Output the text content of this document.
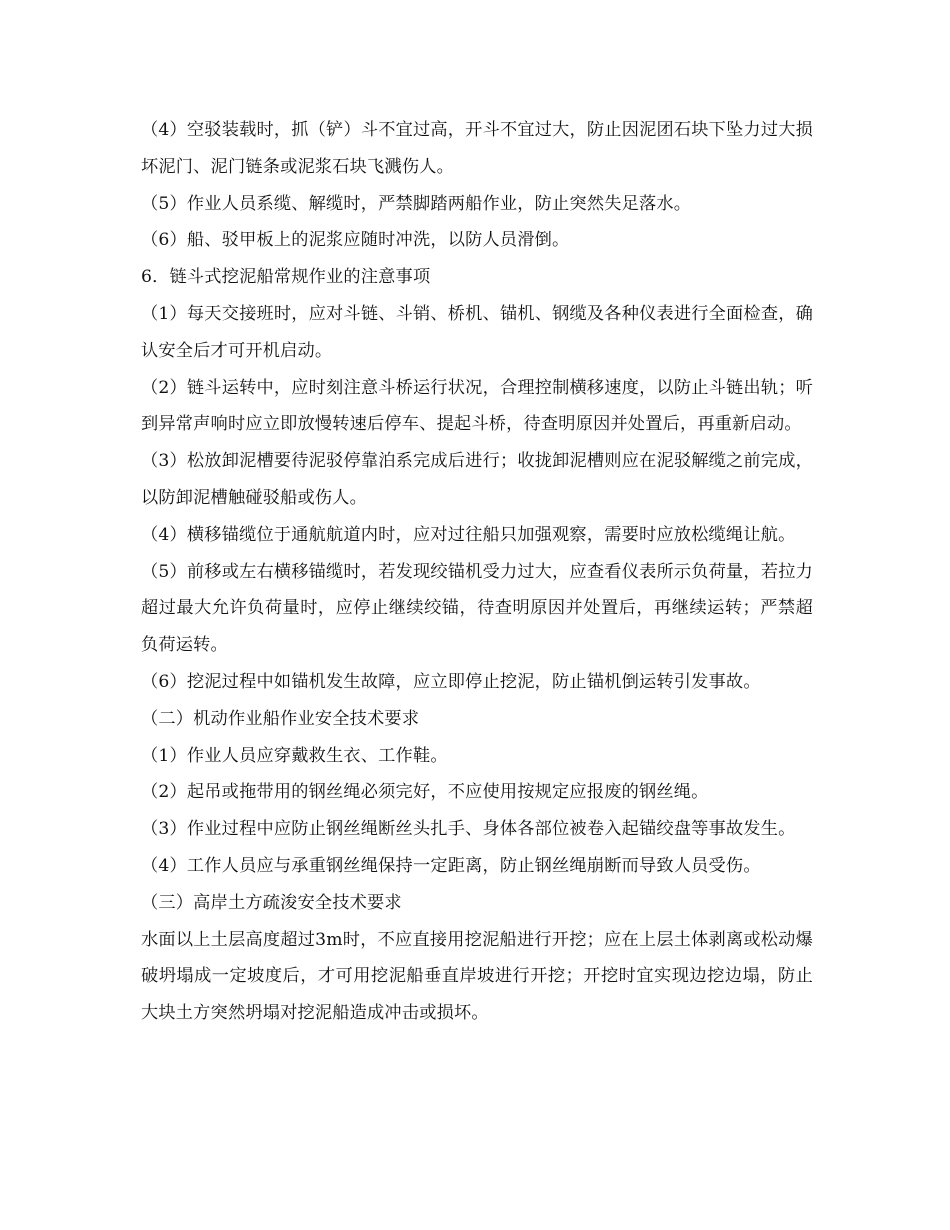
（4）空驳装载时，抓（铲）斗不宜过高，开斗不宜过大，防止因泥团石块下坠力过大损坏泥门、泥门链条或泥浆石块飞溅伤人。

（5）作业人员系缆、解缆时，严禁脚踏两船作业，防止突然失足落水。

（6）船、驳甲板上的泥浆应随时冲洗，以防人员滑倒。

6．链斗式挖泥船常规作业的注意事项

（1）每天交接班时，应对斗链、斗销、桥机、锚机、钢缆及各种仪表进行全面检查，确认安全后才可开机启动。

（2）链斗运转中，应时刻注意斗桥运行状况，合理控制横移速度，以防止斗链出轨；听到异常声响时应立即放慢转速后停车、提起斗桥，待查明原因并处置后，再重新启动。

（3）松放卸泥槽要待泥驳停靠泊系完成后进行；收拢卸泥槽则应在泥驳解缆之前完成，以防卸泥槽触碰驳船或伤人。

（4）横移锚缆位于通航航道内时，应对过往船只加强观察，需要时应放松缆绳让航。

（5）前移或左右横移锚缆时，若发现绞锚机受力过大，应查看仪表所示负荷量，若拉力超过最大允许负荷量时，应停止继续绞锚，待查明原因并处置后，再继续运转；严禁超负荷运转。

（6）挖泥过程中如锚机发生故障，应立即停止挖泥，防止锚机倒运转引发事故。

（二）机动作业船作业安全技术要求

（1）作业人员应穿戴救生衣、工作鞋。

（2）起吊或拖带用的钢丝绳必须完好，不应使用按规定应报废的钢丝绳。

（3）作业过程中应防止钢丝绳断丝头扎手、身体各部位被卷入起锚绞盘等事故发生。

（4）工作人员应与承重钢丝绳保持一定距离，防止钢丝绳崩断而导致人员受伤。

（三）高岸土方疏浚安全技术要求

水面以上土层高度超过3m时，不应直接用挖泥船进行开挖；应在上层土体剥离或松动爆破坍塌成一定坡度后，才可用挖泥船垂直岸坡进行开挖；开挖时宜实现边挖边塌，防止大块土方突然坍塌对挖泥船造成冲击或损坏。
